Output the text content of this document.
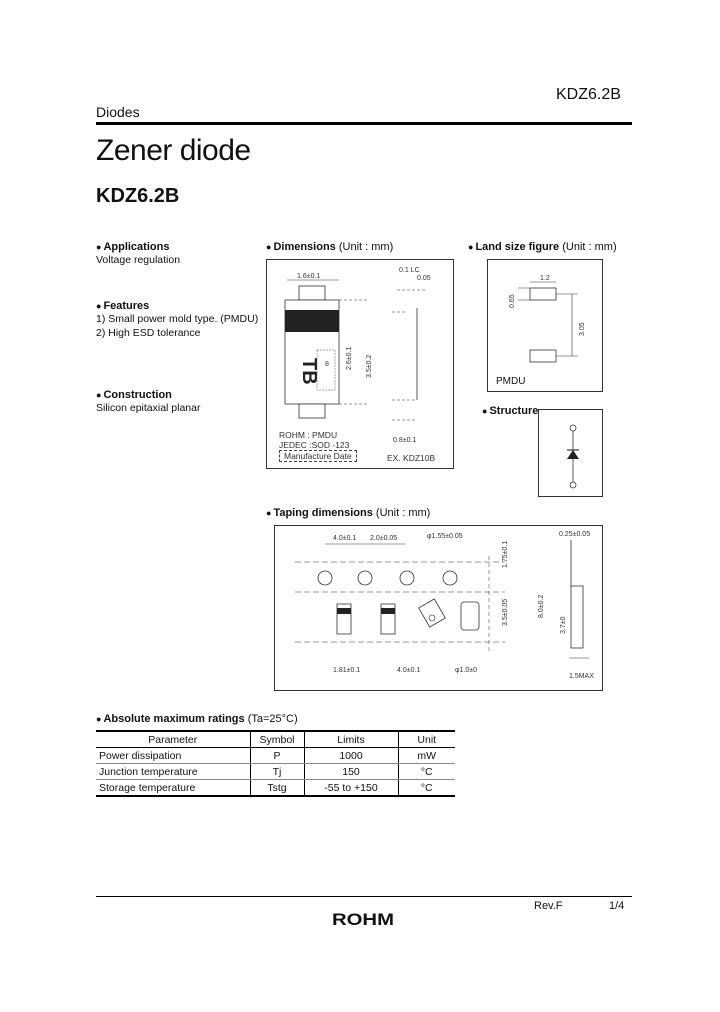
KDZ6.2B
Diodes
Zener diode
KDZ6.2B
● Applications
Voltage regulation
● Features
1) Small power mold type. (PMDU)
2) High ESD tolerance
● Construction
Silicon epitaxial planar
● Dimensions (Unit : mm)
1.6±0.1
0.1 LC
0.05
TB 8 2.6±0.1 3.5±0.2
0.8±0.1
ROHM : PMDU
JEDEC :SOD -123
Manufacture Date	EX. KDZ10B
● Land size figure (Unit : mm)
1.2
0.65
3.05
PMDU
● Structure
● Taping dimensions (Unit : mm)
4.0±0.1 2.0±0.05	φ1.55±0.05
1.75±0.1
3.5±0.05	8.0±0.2
1.81±0.1	4.0±0.1	φ1.0±0
0.25±0.05
3.7±0
1.5MAX
● Absolute maximum ratings (Ta=25°C)
Parameter	Symbol	Limits	Unit
Power dissipation	P	1000	mW
Junction temperature	Tj	150	°C
Storage temperature	Tstg	-55 to +150	°C
Rev.F	1/4
ROHM
